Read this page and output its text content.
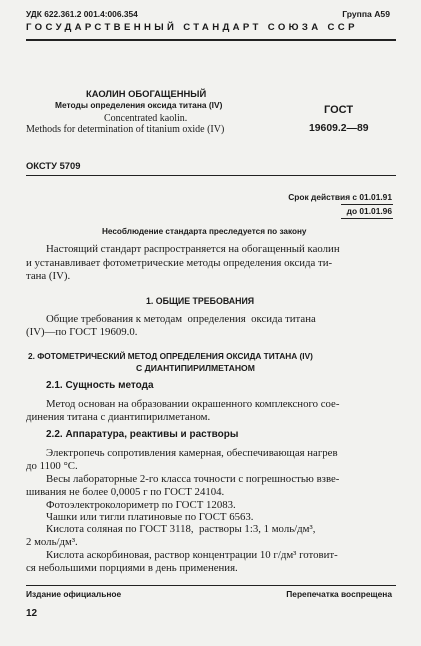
УДК 622.361.2 001.4:006.354	Группа А59
ГОСУДАРСТВЕННЫЙ СТАНДАРТ СОЮЗА ССР
КАОЛИН ОБОГАЩЕННЫЙ
Методы определения оксида титана (IV)
Concentrated kaolin.
Methods for determination of titanium oxide (IV)
ГОСТ
19609.2—89
ОКСТУ 5709
Срок действия с 01.01.91
до 01.01.96
Несоблюдение стандарта преследуется по закону
Настоящий стандарт распространяется на обогащенный каолин
и устанавливает фотометрические методы определения оксида ти-
тана (IV).
1. ОБЩИЕ ТРЕБОВАНИЯ
Общие требования к методам  определения  оксида титана
(IV)—по ГОСТ 19609.0.
2. ФОТОМЕТРИЧЕСКИЙ МЕТОД ОПРЕДЕЛЕНИЯ ОКСИДА ТИТАНА (IV)
С ДИАНТИПИРИЛМЕТАНОМ
2.1. Сущность метода
Метод основан на образовании окрашенного комплексного сое-
динения титана с диантипирилметаном.
2.2. Аппаратура, реактивы и растворы
Электропечь сопротивления камерная, обеспечивающая нагрев
до 1100 °С.
Весы лабораторные 2-го класса точности с погрешностью взве-
шивания не более 0,0005 г по ГОСТ 24104.
Фотоэлектроколориметр по ГОСТ 12083.
Чашки или тигли платиновые по ГОСТ 6563.
Кислота соляная по ГОСТ 3118,  растворы 1:3, 1 моль/дм³,
2 моль/дм³.
Кислота аскорбиновая, раствор концентрации 10 г/дм³ готовит-
ся небольшими порциями в день применения.
Издание официальное	Перепечатка воспрещена
12
